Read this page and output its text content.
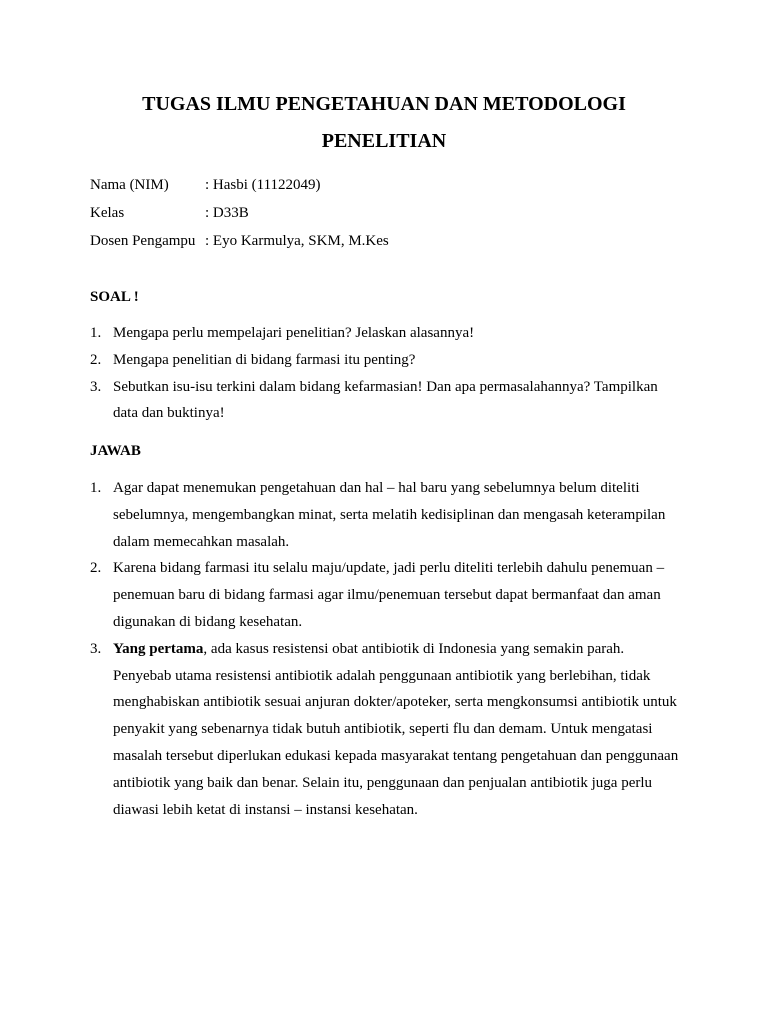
TUGAS ILMU PENGETAHUAN DAN METODOLOGI
PENELITIAN
Nama (NIM)	: Hasbi (11122049)
Kelas	: D33B
Dosen Pengampu : Eyo Karmulya, SKM, M.Kes
SOAL !
1. Mengapa perlu mempelajari penelitian? Jelaskan alasannya!
2. Mengapa penelitian di bidang farmasi itu penting?
3. Sebutkan isu-isu terkini dalam bidang kefarmasian! Dan apa permasalahannya? Tampilkan data dan buktinya!
JAWAB
1. Agar dapat menemukan pengetahuan dan hal – hal baru yang sebelumnya belum diteliti sebelumnya, mengembangkan minat, serta melatih kedisiplinan dan mengasah keterampilan dalam memecahkan masalah.
2. Karena bidang farmasi itu selalu maju/update, jadi perlu diteliti terlebih dahulu penemuan – penemuan baru di bidang farmasi agar ilmu/penemuan tersebut dapat bermanfaat dan aman digunakan di bidang kesehatan.
3. Yang pertama, ada kasus resistensi obat antibiotik di Indonesia yang semakin parah. Penyebab utama resistensi antibiotik adalah penggunaan antibiotik yang berlebihan, tidak menghabiskan antibiotik sesuai anjuran dokter/apoteker, serta mengkonsumsi antibiotik untuk penyakit yang sebenarnya tidak butuh antibiotik, seperti flu dan demam. Untuk mengatasi masalah tersebut diperlukan edukasi kepada masyarakat tentang pengetahuan dan penggunaan antibiotik yang baik dan benar. Selain itu, penggunaan dan penjualan antibiotik juga perlu diawasi lebih ketat di instansi – instansi kesehatan.
